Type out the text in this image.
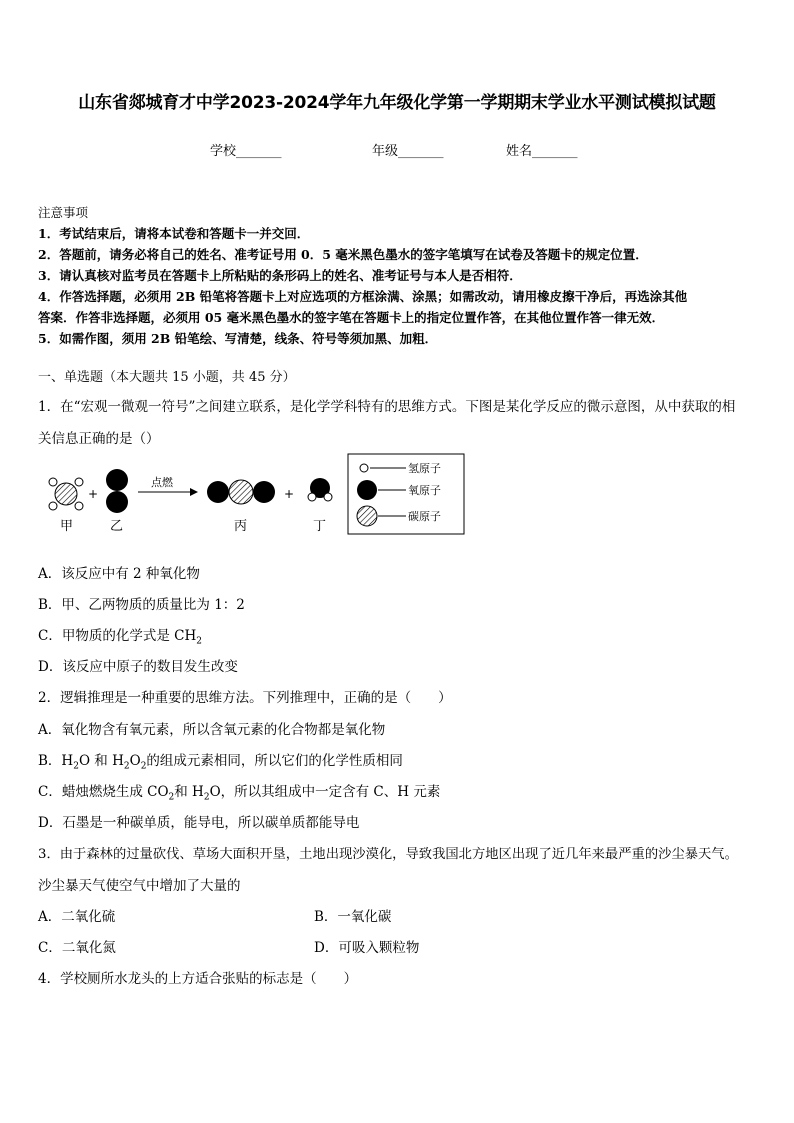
山东省郯城育才中学2023-2024学年九年级化学第一学期期末学业水平测试模拟试题
学校_______	年级_______	姓名_______
注意事项
1．考试结束后，请将本试卷和答题卡一并交回．
2．答题前，请务必将自己的姓名、准考证号用 0．5 毫米黑色墨水的签字笔填写在试卷及答题卡的规定位置．
3．请认真核对监考员在答题卡上所粘贴的条形码上的姓名、准考证号与本人是否相符．
4．作答选择题，必须用 2B 铅笔将答题卡上对应选项的方框涂满、涂黑；如需改动，请用橡皮擦干净后，再选涂其他
答案．作答非选择题，必须用 05 毫米黑色墨水的签字笔在答题卡上的指定位置作答，在其他位置作答一律无效．
5．如需作图，须用 2B 铅笔绘、写清楚，线条、符号等须加黑、加粗．
一、单选题（本大题共 15 小题，共 45 分）
1．在“宏观一微观一符号”之间建立联系，是化学学科特有的思维方式。下图是某化学反应的微示意图，从中获取的相
关信息正确的是（）
+
点燃
+
氢原子
氧原子
碳原子
甲	乙	丙	丁
A．该反应中有 2 种氧化物
B．甲、乙两物质的质量比为 1：2
C．甲物质的化学式是 $CH_2$
D．该反应中原子的数目发生改变
2．逻辑推理是一种重要的思维方法。下列推理中，正确的是（　　）
A．氧化物含有氧元素，所以含氧元素的化合物都是氧化物
B．$H_2O$ 和 $H_2O_2$的组成元素相同，所以它们的化学性质相同
C．蜡烛燃烧生成 $CO_2$和 $H_2O$，所以其组成中一定含有 C、H 元素
D．石墨是一种碳单质，能导电，所以碳单质都能导电
3．由于森林的过量砍伐、草场大面积开垦，土地出现沙漠化，导致我国北方地区出现了近几年来最严重的沙尘暴天气。
沙尘暴天气使空气中增加了大量的
A．二氧化硫	B．一氧化碳
C．二氧化氮	D．可吸入颗粒物
4．学校厕所水龙头的上方适合张贴的标志是（　　）
